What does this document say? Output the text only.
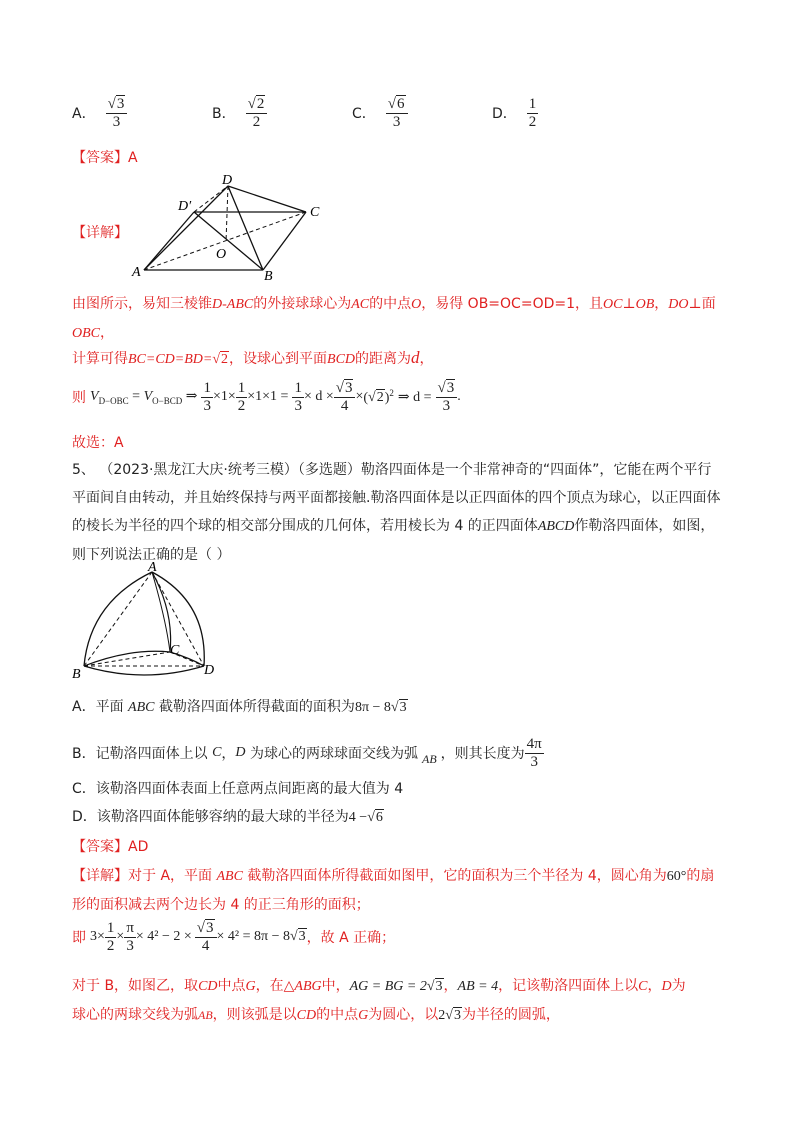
A． $\frac{√3}{3}$	B． $\frac{√2}{2}$	C． $\frac{√6}{3}$	D． $\frac{1}{2}$
【答案】A
【详解】
D
D′	C
O
A	B
由图所示，易知三棱锥D-ABC的外接球球心为AC的中点O，易得 OB=OC=OD=1，且OC⊥OB，DO⊥面
OBC，
计算可得BC=CD=BD=√2，设球心到平面BCD的距离为d，
则 $V_{D-OBC} = V_{O-BCD}$ ⇒ $\frac{1}{3} \times 1\times \frac{1}{2} \times 1\times 1 = \frac{1}{3} \times d \times \frac{√3}{4} \times (√2)^2$ ⇒ $d = \frac{√3}{3}$ .
故选：A
5、 （2023·黑龙江大庆·统考三模）（多选题）勒洛四面体是一个非常神奇的“四面体”，它能在两个平行
平面间自由转动，并且始终保持与两平面都接触.勒洛四面体是以正四面体的四个顶点为球心，以正四面体
的棱长为半径的四个球的相交部分围成的几何体，若用棱长为 4 的正四面体ABCD作勒洛四面体，如图，
则下列说法正确的是（ ）
A
B
C
D
A．平面 ABC 截勒洛四面体所得截面的面积为8π − 8√3
B．记勒洛四面体上以
C ， D
为球心的两球球面交线为弧 AB ，则其长度为 $\frac{4\pi}{3}$
C．该勒洛四面体表面上任意两点间距离的最大值为 4
D．该勒洛四面体能够容纳的最大球的半径为4 −√6
【答案】AD
【详解】对于 A，平面 ABC 截勒洛四面体所得截面如图甲，它的面积为三个半径为 4，圆心角为60°的扇
形的面积减去两个边长为 4 的正三角形的面积；
即 $3\times \frac{1}{2} \times \frac{\pi}{3} \times 4^2 - 2 \times \frac{√3}{4} \times 4^2 = 8\pi - 8$ √3 ，故 A 正确；
对于 B，如图乙，取CD中点G，在△ABG中，AG = BG = 2√3，AB = 4，记该勒洛四面体上以C，D为
球心的两球交线为弧AB，则该弧是以CD的中点G为圆心，以2√3为半径的圆弧，
